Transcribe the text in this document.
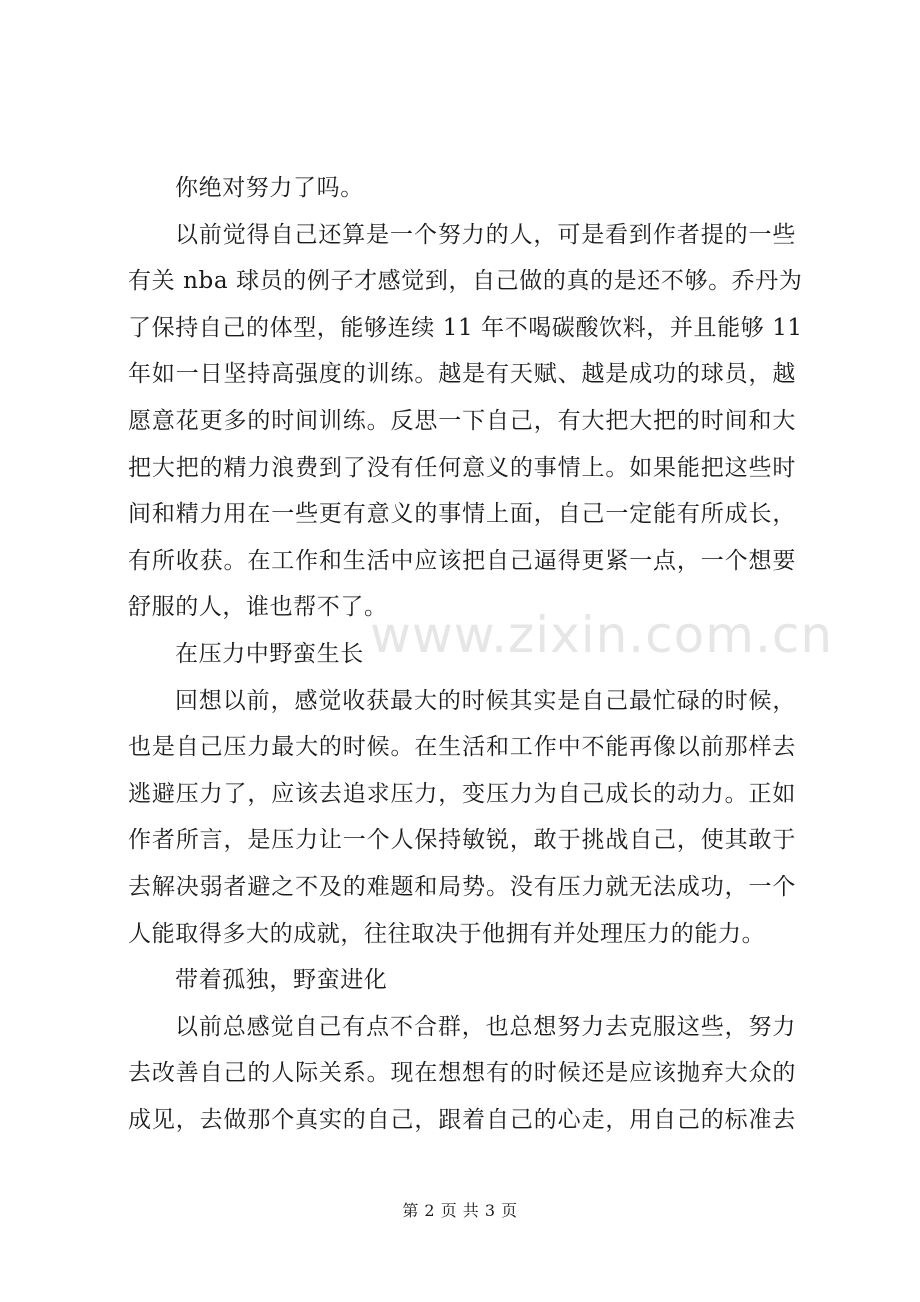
www.zixin.com.cn

你绝对努力了吗。

以前觉得自己还算是一个努力的人，可是看到作者提的一些

有关 nba 球员的例子才感觉到，自己做的真的是还不够。乔丹为

了保持自己的体型，能够连续 11 年不喝碳酸饮料，并且能够 11

年如一日坚持高强度的训练。越是有天赋、越是成功的球员，越

愿意花更多的时间训练。反思一下自己，有大把大把的时间和大

把大把的精力浪费到了没有任何意义的事情上。如果能把这些时

间和精力用在一些更有意义的事情上面，自己一定能有所成长，

有所收获。在工作和生活中应该把自己逼得更紧一点，一个想要

舒服的人，谁也帮不了。

在压力中野蛮生长

回想以前，感觉收获最大的时候其实是自己最忙碌的时候，

也是自己压力最大的时候。在生活和工作中不能再像以前那样去

逃避压力了，应该去追求压力，变压力为自己成长的动力。正如

作者所言，是压力让一个人保持敏锐，敢于挑战自己，使其敢于

去解决弱者避之不及的难题和局势。没有压力就无法成功，一个

人能取得多大的成就，往往取决于他拥有并处理压力的能力。

带着孤独，野蛮进化

以前总感觉自己有点不合群，也总想努力去克服这些，努力

去改善自己的人际关系。现在想想有的时候还是应该抛弃大众的

成见，去做那个真实的自己，跟着自己的心走，用自己的标准去

第 2 页 共 3 页
